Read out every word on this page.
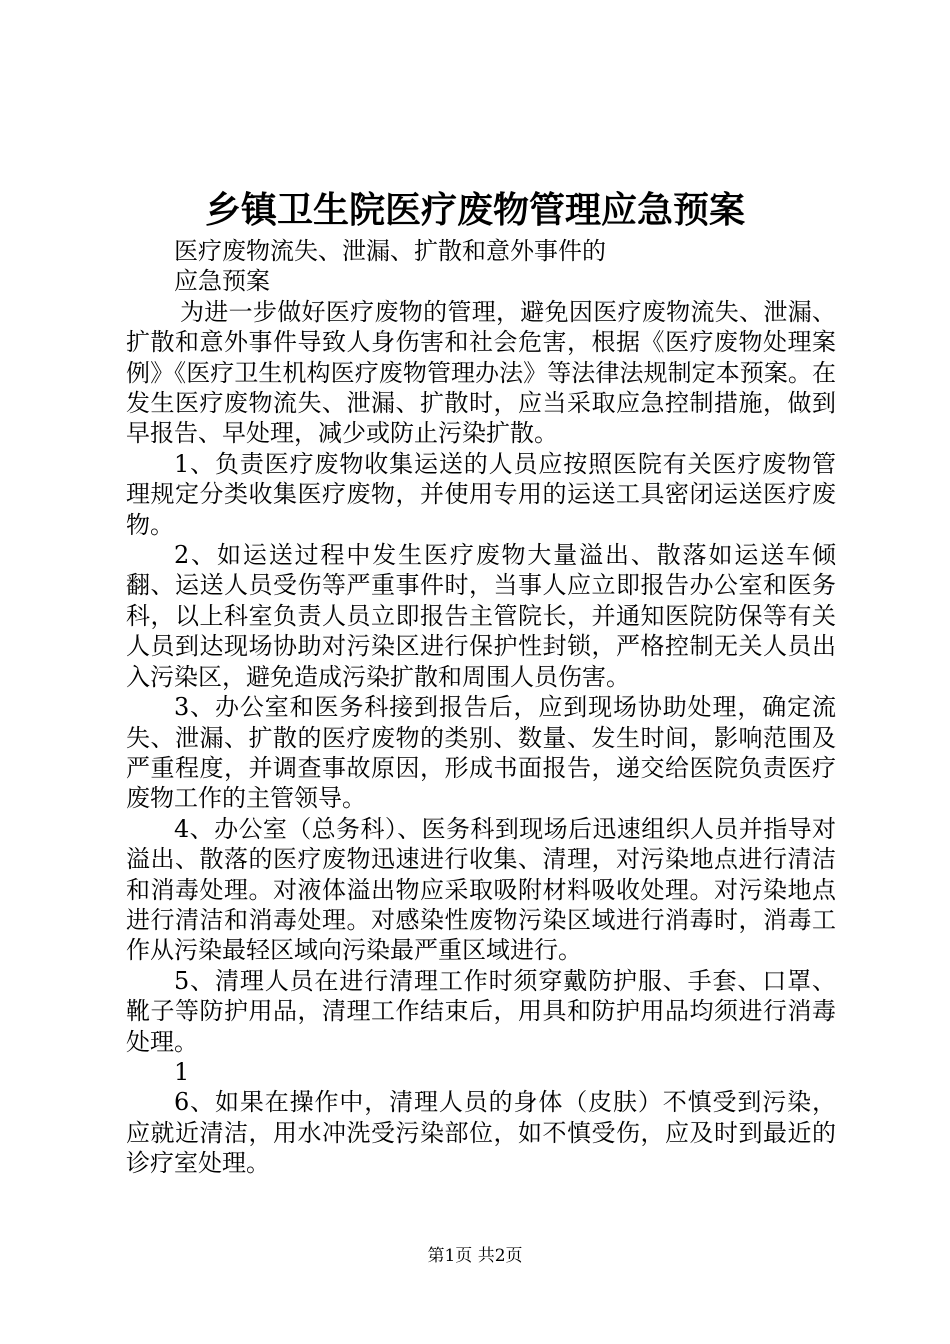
乡镇卫生院医疗废物管理应急预案

医疗废物流失、泄漏、扩散和意外事件的

应急预案

为进一步做好医疗废物的管理，避免因医疗废物流失、泄漏、扩散和意外事件导致人身伤害和社会危害，根据《医疗废物处理案例》《医疗卫生机构医疗废物管理办法》等法律法规制定本预案。在发生医疗废物流失、泄漏、扩散时，应当采取应急控制措施，做到早报告、早处理，减少或防止污染扩散。

1、负责医疗废物收集运送的人员应按照医院有关医疗废物管理规定分类收集医疗废物，并使用专用的运送工具密闭运送医疗废物。

2、如运送过程中发生医疗废物大量溢出、散落如运送车倾翻、运送人员受伤等严重事件时，当事人应立即报告办公室和医务科，以上科室负责人员立即报告主管院长，并通知医院防保等有关人员到达现场协助对污染区进行保护性封锁，严格控制无关人员出入污染区，避免造成污染扩散和周围人员伤害。

3、办公室和医务科接到报告后，应到现场协助处理，确定流失、泄漏、扩散的医疗废物的类别、数量、发生时间，影响范围及严重程度，并调查事故原因，形成书面报告，递交给医院负责医疗废物工作的主管领导。

4、办公室（总务科）、医务科到现场后迅速组织人员并指导对溢出、散落的医疗废物迅速进行收集、清理，对污染地点进行清洁和消毒处理。对液体溢出物应采取吸附材料吸收处理。对污染地点进行清洁和消毒处理。对感染性废物污染区域进行消毒时，消毒工作从污染最轻区域向污染最严重区域进行。

5、清理人员在进行清理工作时须穿戴防护服、手套、口罩、靴子等防护用品，清理工作结束后，用具和防护用品均须进行消毒处理。

1

6、如果在操作中，清理人员的身体（皮肤）不慎受到污染，应就近清洁，用水冲洗受污染部位，如不慎受伤，应及时到最近的诊疗室处理。

第1页 共2页
